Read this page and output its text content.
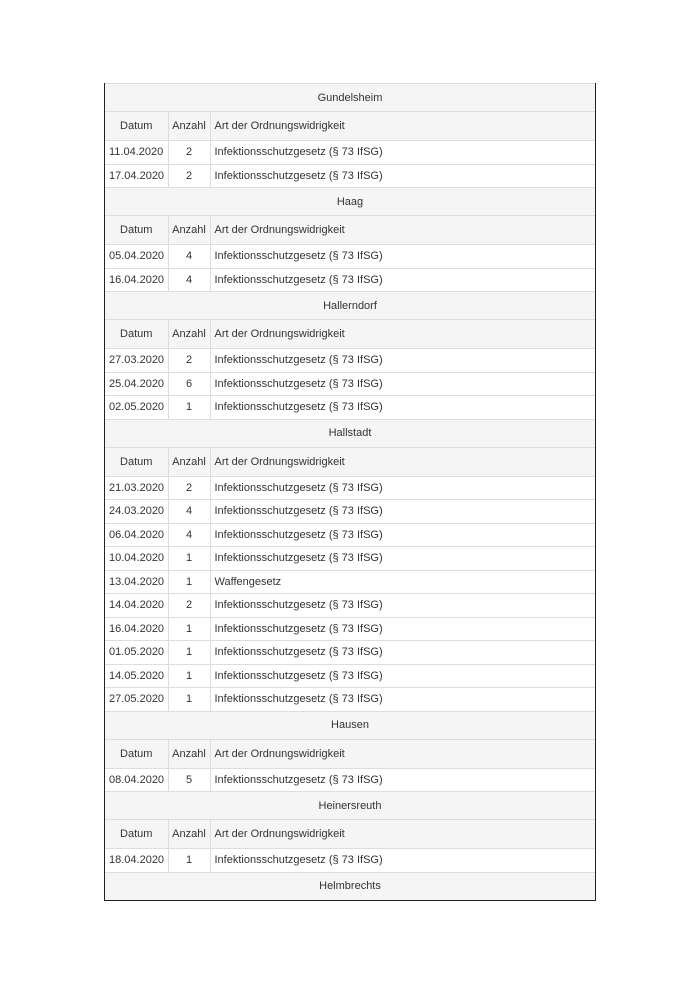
Gundelsheim		
Datum	Anzahl	Art der Ordnungswidrigkeit
11.04.2020	2	Infektionsschutzgesetz (§ 73 IfSG)
17.04.2020	2	Infektionsschutzgesetz (§ 73 IfSG)
Haag		
Datum	Anzahl	Art der Ordnungswidrigkeit
05.04.2020	4	Infektionsschutzgesetz (§ 73 IfSG)
16.04.2020	4	Infektionsschutzgesetz (§ 73 IfSG)
Hallerndorf		
Datum	Anzahl	Art der Ordnungswidrigkeit
27.03.2020	2	Infektionsschutzgesetz (§ 73 IfSG)
25.04.2020	6	Infektionsschutzgesetz (§ 73 IfSG)
02.05.2020	1	Infektionsschutzgesetz (§ 73 IfSG)
Hallstadt		
Datum	Anzahl	Art der Ordnungswidrigkeit
21.03.2020	2	Infektionsschutzgesetz (§ 73 IfSG)
24.03.2020	4	Infektionsschutzgesetz (§ 73 IfSG)
06.04.2020	4	Infektionsschutzgesetz (§ 73 IfSG)
10.04.2020	1	Infektionsschutzgesetz (§ 73 IfSG)
13.04.2020	1	Waffengesetz
14.04.2020	2	Infektionsschutzgesetz (§ 73 IfSG)
16.04.2020	1	Infektionsschutzgesetz (§ 73 IfSG)
01.05.2020	1	Infektionsschutzgesetz (§ 73 IfSG)
14.05.2020	1	Infektionsschutzgesetz (§ 73 IfSG)
27.05.2020	1	Infektionsschutzgesetz (§ 73 IfSG)
Hausen		
Datum	Anzahl	Art der Ordnungswidrigkeit
08.04.2020	5	Infektionsschutzgesetz (§ 73 IfSG)
Heinersreuth		
Datum	Anzahl	Art der Ordnungswidrigkeit
18.04.2020	1	Infektionsschutzgesetz (§ 73 IfSG)
Helmbrechts		
